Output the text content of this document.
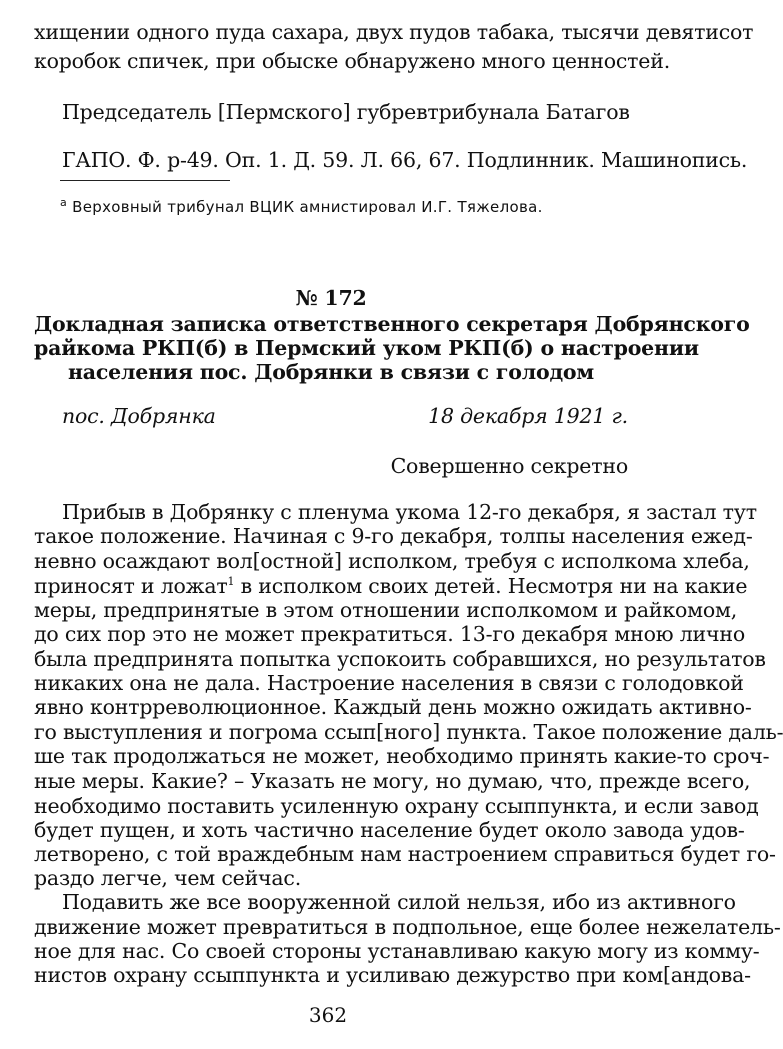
хищении одного пуда сахара, двух пудов табака, тысячи девятисот
коробок спичек, при обыске обнаружено много ценностей.
Председатель [Пермского] губревтрибунала Батагов
ГАПО. Ф. р-49. Оп. 1. Д. 59. Л. 66, 67. Подлинник. Машинопись.
$^а$ Верховный трибунал ВЦИК амнистировал И.Г. Тяжелова.
№ 172
Докладная записка ответственного секретаря Добрянского
райкома РКП(б) в Пермский уком РКП(б) о настроении
населения пос. Добрянки в связи с голодом
пос. Добрянка	18 декабря 1921 г.
Совершенно секретно
Прибыв в Добрянку с пленума укома 12-го декабря, я застал тут
такое положение. Начиная с 9-го декабря, толпы населения ежед-
невно осаждают вол[остной] исполком, требуя с исполкома хлеба,
приносят и ложат$^1$ в исполком своих детей. Несмотря ни на какие
меры, предпринятые в этом отношении исполкомом и райкомом,
до сих пор это не может прекратиться. 13-го декабря мною лично
была предпринята попытка успокоить собравшихся, но результатов
никаких она не дала. Настроение населения в связи с голодовкой
явно контрреволюционное. Каждый день можно ожидать активно-
го выступления и погрома ссып[ного] пункта. Такое положение даль-
ше так продолжаться не может, необходимо принять какие-то сроч-
ные меры. Какие? – Указать не могу, но думаю, что, прежде всего,
необходимо поставить усиленную охрану ссыппункта, и если завод
будет пущен, и хоть частично население будет около завода удов-
летворено, с той враждебным нам настроением справиться будет го-
раздо легче, чем сейчас.
Подавить же все вооруженной силой нельзя, ибо из активного
движение может превратиться в подпольное, еще более нежелатель-
ное для нас. Со своей стороны устанавливаю какую могу из комму-
нистов охрану ссыппункта и усиливаю дежурство при ком[андова-
362
